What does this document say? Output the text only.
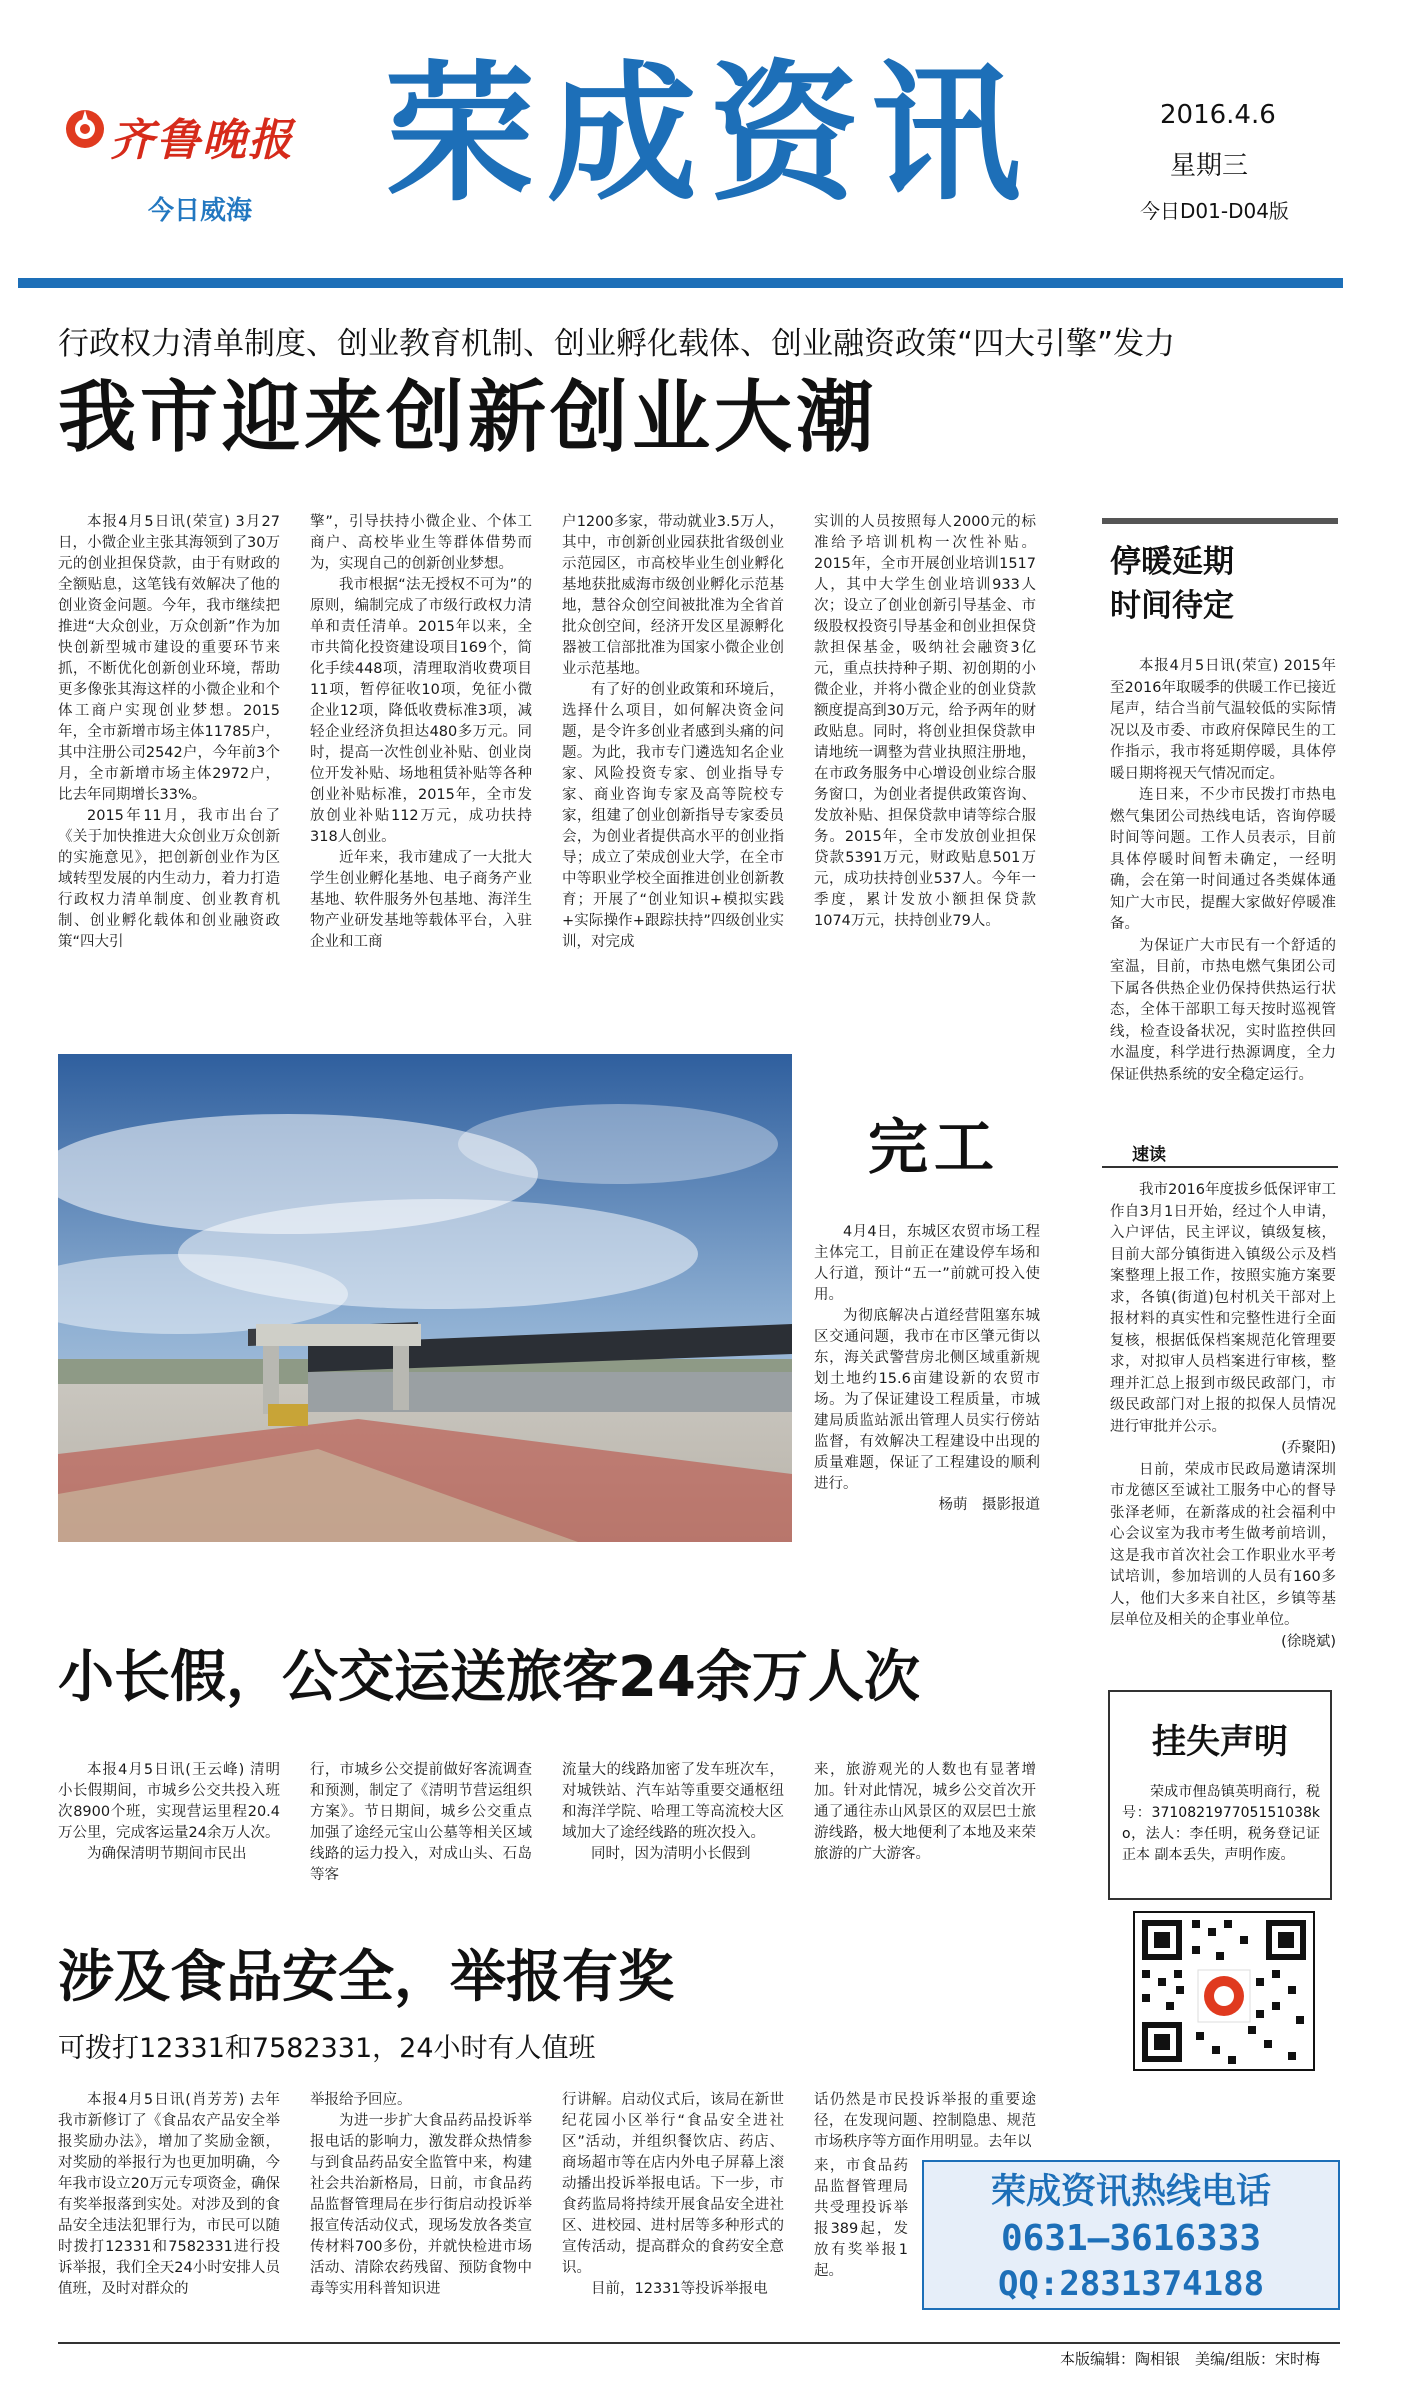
齐鲁晚报
今日威海 荣成资讯	2016.4.6
星期三
今日D01-D04版
行政权力清单制度、创业教育机制、创业孵化载体、创业融资政策“四大引擎”发力
我市迎来创新创业大潮

本报4月5日讯(荣宣) 3月27日，小微企业主张其海领到了30万元的创业担保贷款，由于有财政的全额贴息，这笔钱有效解决了他的创业资金问题。今年，我市继续把推进“大众创业，万众创新”作为加快创新型城市建设的重要环节来抓，不断优化创新创业环境，帮助更多像张其海这样的小微企业和个体工商户实现创业梦想。2015年，全市新增市场主体11785户，其中注册公司2542户，今年前3个月，全市新增市场主体2972户，比去年同期增长33%。

2015年11月，我市出台了《关于加快推进大众创业万众创新的实施意见》，把创新创业作为区域转型发展的内生动力，着力打造行政权力清单制度、创业教育机制、创业孵化载体和创业融资政策“四大引

擎”，引导扶持小微企业、个体工商户、高校毕业生等群体借势而为，实现自己的创新创业梦想。

我市根据“法无授权不可为”的原则，编制完成了市级行政权力清单和责任清单。2015年以来，全市共简化投资建设项目169个，简化手续448项，清理取消收费项目11项，暂停征收10项，免征小微企业12项，降低收费标准3项，减轻企业经济负担达480多万元。同时，提高一次性创业补贴、创业岗位开发补贴、场地租赁补贴等各种创业补贴标准，2015年，全市发放创业补贴112万元，成功扶持318人创业。

近年来，我市建成了一大批大学生创业孵化基地、电子商务产业基地、软件服务外包基地、海洋生物产业研发基地等载体平台，入驻企业和工商

户1200多家，带动就业3.5万人，其中，市创新创业园获批省级创业示范园区，市高校毕业生创业孵化基地获批威海市级创业孵化示范基地，慧谷众创空间被批准为全省首批众创空间，经济开发区星源孵化器被工信部批准为国家小微企业创业示范基地。

有了好的创业政策和环境后，选择什么项目，如何解决资金问题，是令许多创业者感到头痛的问题。为此，我市专门遴选知名企业家、风险投资专家、创业指导专家、商业咨询专家及高等院校专家，组建了创业创新指导专家委员会，为创业者提供高水平的创业指导；成立了荣成创业大学，在全市中等职业学校全面推进创业创新教育；开展了“创业知识+模拟实践+实际操作+跟踪扶持”四级创业实训，对完成

实训的人员按照每人2000元的标准给予培训机构一次性补贴。2015年，全市开展创业培训1517人，其中大学生创业培训933人次；设立了创业创新引导基金、市级股权投资引导基金和创业担保贷款担保基金，吸纳社会融资3亿元，重点扶持种子期、初创期的小微企业，并将小微企业的创业贷款额度提高到30万元，给予两年的财政贴息。同时，将创业担保贷款申请地统一调整为营业执照注册地，在市政务服务中心增设创业综合服务窗口，为创业者提供政策咨询、发放补贴、担保贷款申请等综合服务。2015年，全市发放创业担保贷款5391万元，财政贴息501万元，成功扶持创业537人。今年一季度，累计发放小额担保贷款1074万元，扶持创业79人。

停暖延期
时间待定

本报4月5日讯(荣宣) 2015年至2016年取暖季的供暖工作已接近尾声，结合当前气温较低的实际情况以及市委、市政府保障民生的工作指示，我市将延期停暖，具体停暖日期将视天气情况而定。

连日来，不少市民拨打市热电燃气集团公司热线电话，咨询停暖时间等问题。工作人员表示，目前具体停暖时间暂未确定，一经明确，会在第一时间通过各类媒体通知广大市民，提醒大家做好停暖准备。

为保证广大市民有一个舒适的室温，目前，市热电燃气集团公司下属各供热企业仍保持供热运行状态，全体干部职工每天按时巡视管线，检查设备状况，实时监控供回水温度，科学进行热源调度，全力保证供热系统的安全稳定运行。

速读

我市2016年度拔乡低保评审工作自3月1日开始，经过个人申请，入户评估，民主评议，镇级复核，目前大部分镇街进入镇级公示及档案整理上报工作，按照实施方案要求，各镇(街道)包村机关干部对上报材料的真实性和完整性进行全面复核，根据低保档案规范化管理要求，对拟审人员档案进行审核，整理并汇总上报到市级民政部门，市级民政部门对上报的拟保人员情况进行审批并公示。

(乔聚阳)

日前，荣成市民政局邀请深圳市龙德区至诚社工服务中心的督导张泽老师，在新落成的社会福利中心会议室为我市考生做考前培训，这是我市首次社会工作职业水平考试培训，参加培训的人员有160多人，他们大多来自社区，乡镇等基层单位及相关的企事业单位。

(徐晓斌)
完工

4月4日，东城区农贸市场工程主体完工，目前正在建设停车场和人行道，预计“五一”前就可投入使用。

为彻底解决占道经营阻塞东城区交通问题，我市在市区肇元街以东，海关武警营房北侧区域重新规划土地约15.6亩建设新的农贸市场。为了保证建设工程质量，市城建局质监站派出管理人员实行傍站监督，有效解决工程建设中出现的质量难题，保证了工程建设的顺利进行。

杨萌　摄影报道
小长假，公交运送旅客24余万人次

本报4月5日讯(王云峰) 清明小长假期间，市城乡公交共投入班次8900个班，实现营运里程20.4万公里，完成客运量24余万人次。

为确保清明节期间市民出

行，市城乡公交提前做好客流调查和预测，制定了《清明节营运组织方案》。节日期间，城乡公交重点加强了途经元宝山公墓等相关区域线路的运力投入，对成山头、石岛等客

流量大的线路加密了发车班次车，对城铁站、汽车站等重要交通枢纽和海洋学院、哈理工等高流校大区域加大了途经线路的班次投入。

同时，因为清明小长假到

来，旅游观光的人数也有显著增加。针对此情况，城乡公交首次开通了通往赤山风景区的双层巴士旅游线路，极大地便利了本地及来荣旅游的广大游客。

挂失声明
荣成市俚岛镇英明商行，税号：371082197705151038ko，法人：李任明，税务登记证正本 副本丢失，声明作废。
涉及食品安全，举报有奖
可拨打12331和7582331，24小时有人值班

本报4月5日讯(肖芳芳) 去年我市新修订了《食品农产品安全举报奖励办法》，增加了奖励金额，对奖励的举报行为也更加明确，今年我市设立20万元专项资金，确保有奖举报落到实处。对涉及到的食品安全违法犯罪行为，市民可以随时拨打12331和7582331进行投诉举报，我们全天24小时安排人员值班，及时对群众的

举报给予回应。

为进一步扩大食品药品投诉举报电话的影响力，激发群众热情参与到食品药品安全监管中来，构建社会共治新格局，日前，市食品药品监督管理局在步行街启动投诉举报宣传活动仪式，现场发放各类宣传材料700多份，并就快检进市场活动、清除农药残留、预防食物中毒等实用科普知识进

行讲解。启动仪式后，该局在新世纪花园小区举行“食品安全进社区”活动，并组织餐饮店、药店、商场超市等在店内外电子屏幕上滚动播出投诉举报电话。下一步，市食药监局将持续开展食品安全进社区、进校园、进村居等多种形式的宣传活动，提高群众的食药安全意识。

目前，12331等投诉举报电

话仍然是市民投诉举报的重要途径，在发现问题、控制隐患、规范市场秩序等方面作用明显。去年以

来，市食品药品监督管理局共受理投诉举报389起，发放有奖举报1起。

荣成资讯热线电话
0631—3616333
QQ:2831374188
本版编辑：陶相银　美编/组版：宋时梅
